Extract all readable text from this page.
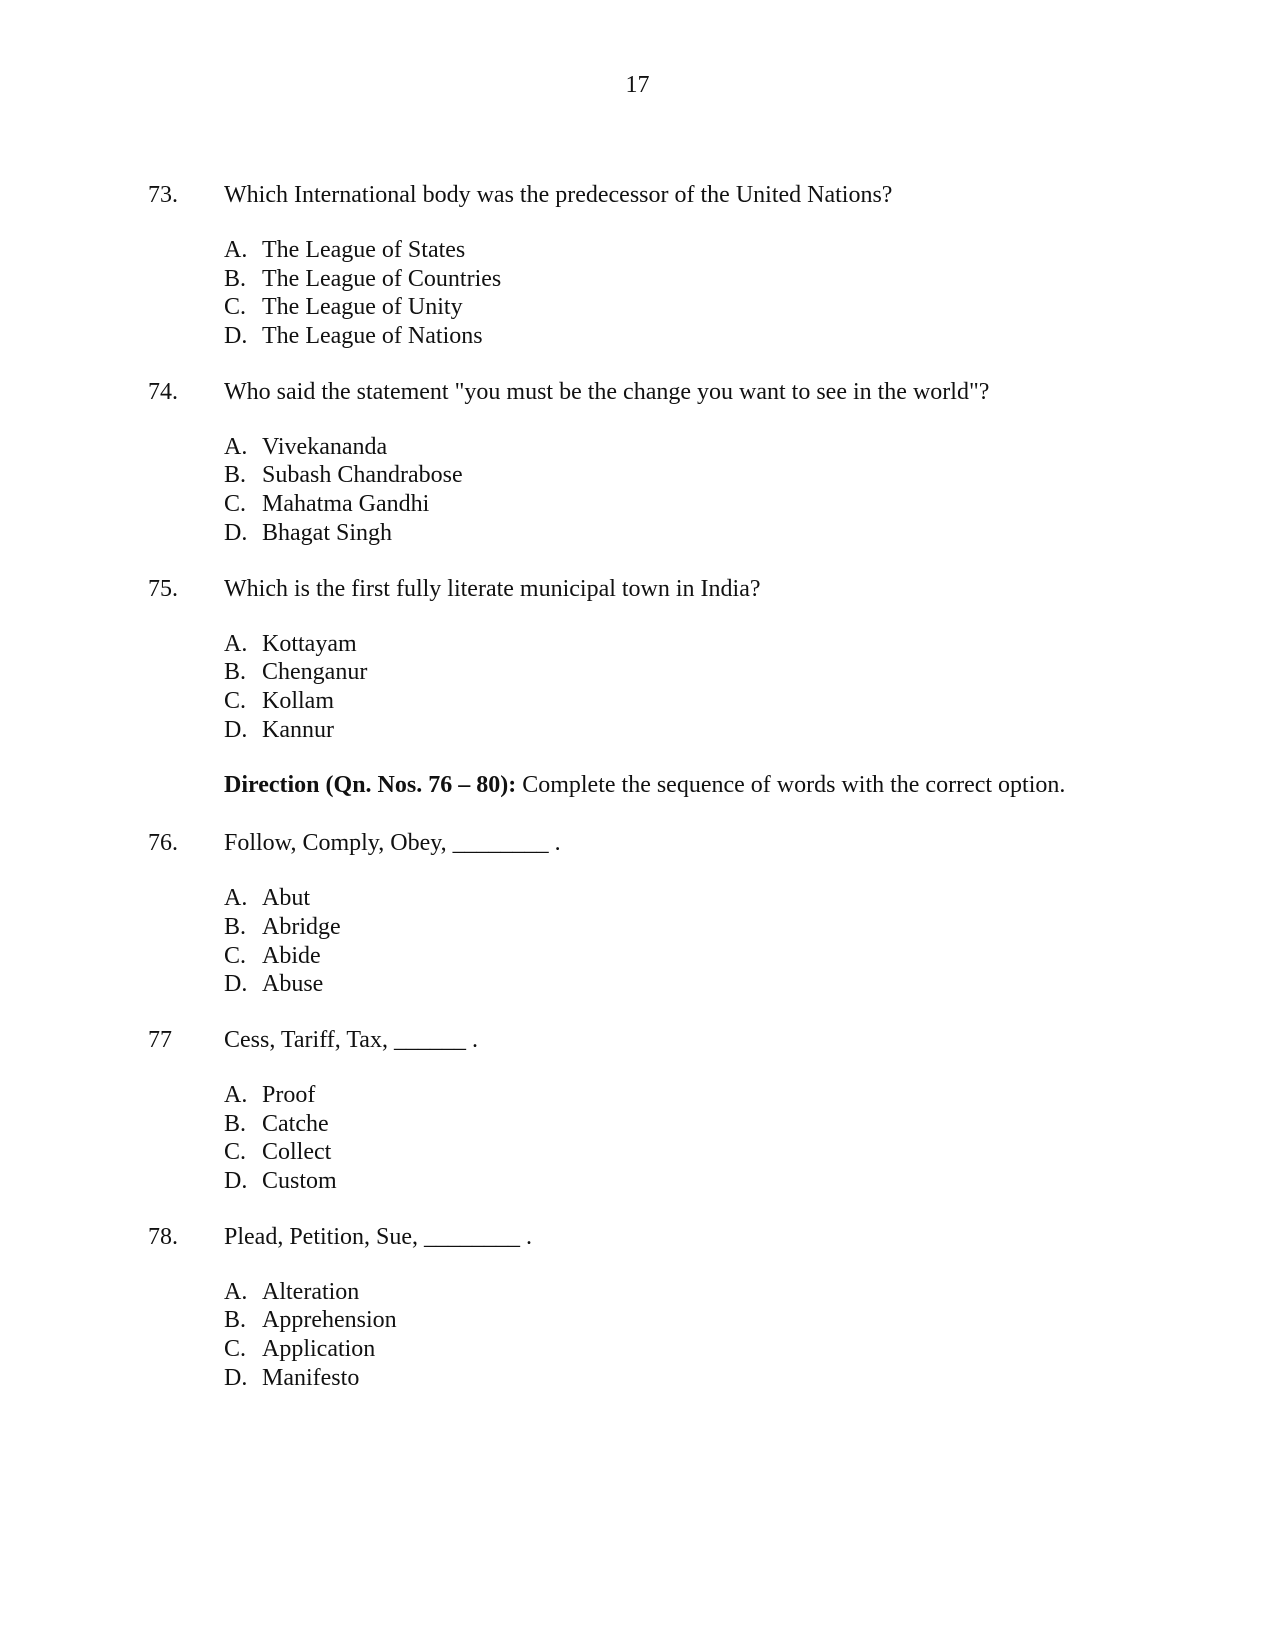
17
73. Which International body was the predecessor of the United Nations?
A. The League of States
B. The League of Countries
C. The League of Unity
D. The League of Nations
74. Who said the statement "you must be the change you want to see in the world"?
A. Vivekananda
B. Subash Chandrabose
C. Mahatma Gandhi
D. Bhagat Singh
75. Which is the first fully literate municipal town in India?
A. Kottayam
B. Chenganur
C. Kollam
D. Kannur
Direction (Qn. Nos. 76 – 80): Complete the sequence of words with the correct option.
76. Follow, Comply, Obey, ________ .
A. Abut
B. Abridge
C. Abide
D. Abuse
77 Cess, Tariff, Tax, ______ .
A. Proof
B. Catche
C. Collect
D. Custom
78. Plead, Petition, Sue, ________ .
A. Alteration
B. Apprehension
C. Application
D. Manifesto
